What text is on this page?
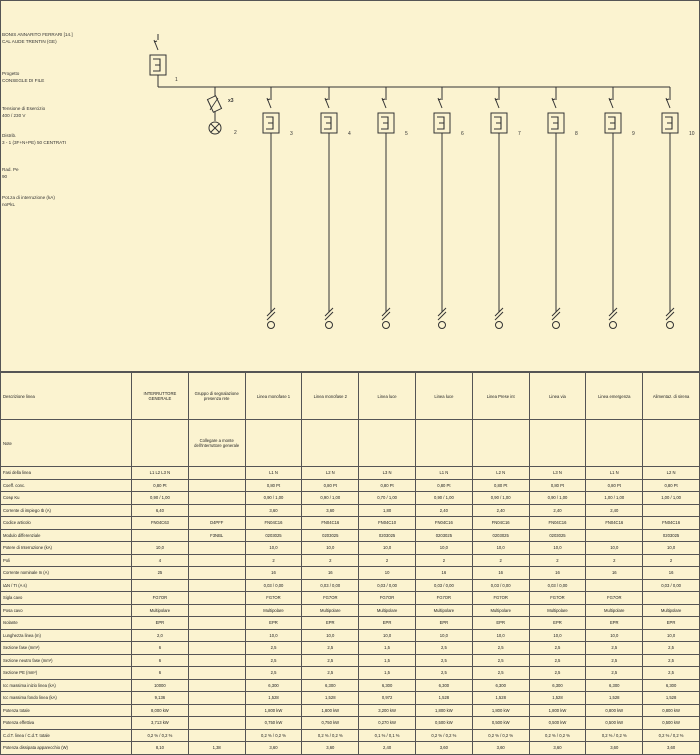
1
x3
2	3	4	5	6	7	8	9	10
BONIS ANNARITO FERRARI [14.]
CAL AUDE TRENTIN (GE)
Progetto
CONSEGLE DI FILE
Tensione di Esercizio
400 / 230 V
Distrib.
3 - 1 (3F+N+PE) 50 CENTRATI
Rad. Pe
90
Pot.za di interruzione (kA)
noPkL
Descrizione linea	INTERRUTTORE GENERALE	Gruppo di segnalazione presenza rete	Linea monofase 1	Linea monofase 2	Linea luce	Linea luce	Linea Prese int	Linea via	Linea emergenza	Alimentaz. di sirena
Note		Collegare a monte dell'interruttore generale								
Fasi della linea	L1 L2 L3 N		L1 N	L2 N	L3 N	L1 N	L2 N	L3 N	L1 N	L2 N
Coeff. conc.	0,80 Pt		0,80 Pt	0,80 Pt	0,80 Pt	0,80 Pt	0,80 Pt	0,80 Pt	0,80 Pt	0,80 Pt
Cosφ Ku	0,90 / 1,00		0,90 / 1,00	0,90 / 1,00	0,70 / 1,00	0,90 / 1,00	0,90 / 1,00	0,90 / 1,00	1,00 / 1,00	1,00 / 1,00
Corrente di impiego Ib (A)	6,40		3,60	3,60	1,80	2,40	2,40	2,40	2,40	
Codice articolo	FN04C63	D4PFF	FN04C16	FN04C16	FN04C10	FN04C16	FN04C16	FN04C16	FN04C16	FN04C16
Modulo differenziale		F3NBL	0203025	0203025	0203025	0203025	0203025	0203025		0203025
Potere di Interruzione (kA)	10,0		10,0	10,0	10,0	10,0	10,0	10,0	10,0	10,0
Poli	4		2	2	2	2	2	2	2	2
Corrente nominale In (A)	25		16	16	10	16	16	16	16	16
IΔN / TI (A s)			0,03 / 0,00	0,03 / 0,00	0,03 / 0,00	0,03 / 0,00	0,03 / 0,00	0,03 / 0,00		0,03 / 0,00
Sigla cavo	FG7OR		FG7OR	FG7OR	FG7OR	FG7OR	FG7OR	FG7OR	FG7OR	
Posa cavo	Multipolare		Multipolare	Multipolare	Multipolare	Multipolare	Multipolare	Multipolare	Multipolare	Multipolare
Isolante	EPR		EPR	EPR	EPR	EPR	EPR	EPR	EPR	EPR
Lunghezza linea (m)	2,0		10,0	10,0	10,0	10,0	10,0	10,0	10,0	10,0
Sezione fase (mm²)	6		2,5	2,5	1,5	2,5	2,5	2,5	2,5	2,5
Sezione neutro fase (mm²)	6		2,5	2,5	1,5	2,5	2,5	2,5	2,5	2,5
Sezione PE (mm²)	6		2,5	2,5	1,5	2,5	2,5	2,5	2,5	2,5
Icc massima inizio linea (kA)	10000		6,300	6,300	6,300	6,300	6,300	6,300	6,300	6,300
Icc massima fondo linea (kA)	9,136		1,528	1,528	0,972	1,528	1,528	1,528	1,528	1,528
Potenza totale	8,000 kW		1,800 kW	1,800 kW	3,200 kW	1,800 kW	1,800 kW	1,800 kW	0,800 kW	0,800 kW
Potenza effettiva	3,713 kW		0,750 kW	0,750 kW	0,270 kW	0,500 kW	0,500 kW	0,500 kW	0,500 kW	0,500 kW
C.d.T. linea / C.d.T. totale	0,2 % / 0,2 %		0,2 % / 0,2 %	0,2 % / 0,2 %	0,1 % / 0,1 %	0,2 % / 0,2 %	0,2 % / 0,2 %	0,2 % / 0,2 %	0,2 % / 0,2 %	0,2 % / 0,2 %
Potenza dissipata apparecchio (W)	8,10	1,38	3,60	3,60	2,40	3,60	3,60	3,60	3,60	3,60
